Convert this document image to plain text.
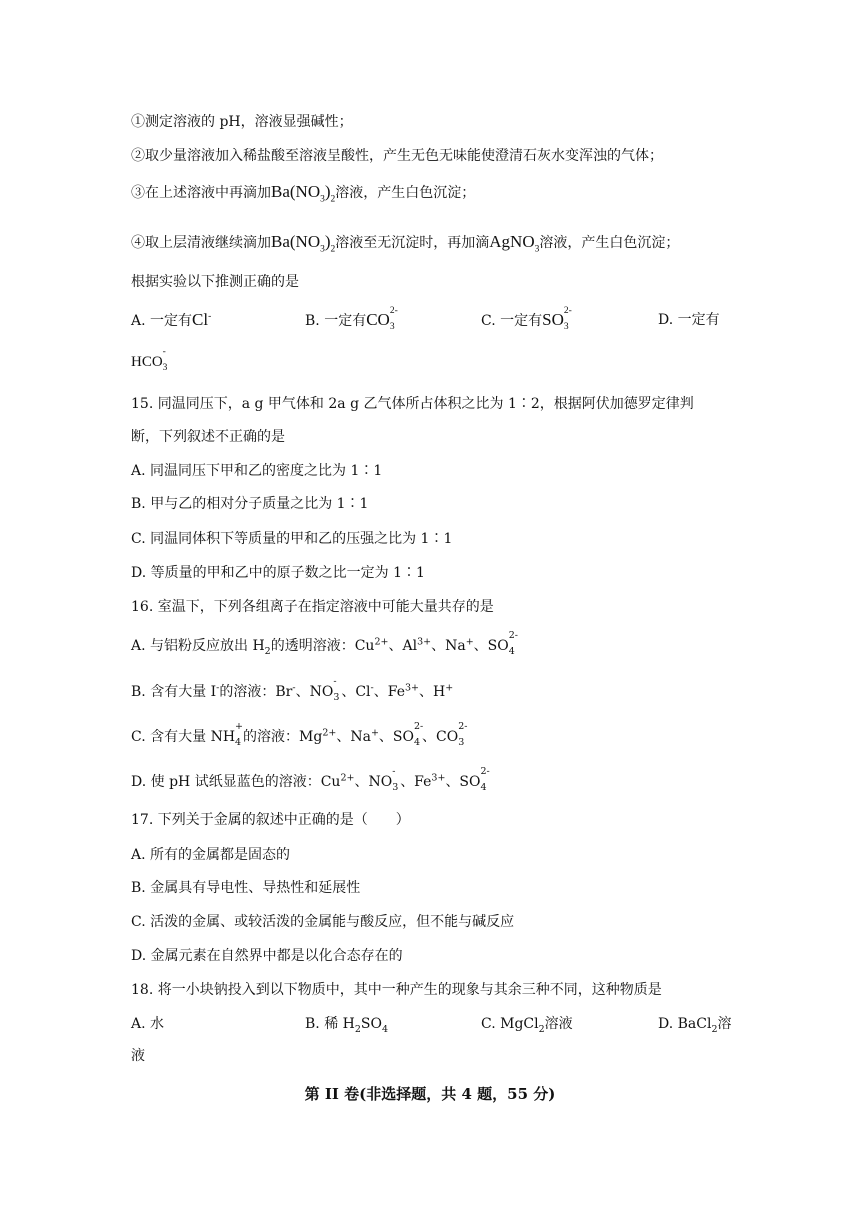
①测定溶液的 pH，溶液显强碱性；
②取少量溶液加入稀盐酸至溶液呈酸性，产生无色无味能使澄清石灰水变浑浊的气体；
③在上述溶液中再滴加$Ba(NO_3)_2$溶液，产生白色沉淀；
④取上层清液继续滴加$Ba(NO_3)_2$溶液至无沉淀时，再加滴AgNO$_3$溶液，产生白色沉淀；
根据实验以下推测正确的是
A. 一定有Cl-	B. 一定有CO 2-
3	C. 一定有SO 2-
3	D. 一定有
HCO
-
3
15. 同温同压下，a g 甲气体和 2a g 乙气体所占体积之比为 1∶2，根据阿伏加德罗定律判
断，下列叙述不正确的是
A. 同温同压下甲和乙的密度之比为 1∶1
B. 甲与乙的相对分子质量之比为 1∶1
C. 同温同体积下等质量的甲和乙的压强之比为 1∶1
D. 等质量的甲和乙中的原子数之比一定为 1∶1
16. 室温下，下列各组离子在指定溶液中可能大量共存的是
A. 与铝粉反应放出 $H_2$的透明溶液：$Cu^{2+}$、$Al^{3+}$、Na+、SO
2-
4
B. 含有大量 I-的溶液：Br-、NO
-
3 、Cl-、$Fe^{3+}$、H+
C. 含有大量 NH
+
4 的溶液：$Mg^{2+}$、Na+、SO
2-
4 、CO
2-
3
D. 使 pH 试纸显蓝色的溶液：$Cu^{2+}$、NO
-
3 、$Fe^{3+}$、SO
2-
4
17. 下列关于金属的叙述中正确的是（　　）
A. 所有的金属都是固态的
B. 金属具有导电性、导热性和延展性
C. 活泼的金属、或较活泼的金属能与酸反应，但不能与碱反应
D. 金属元素在自然界中都是以化合态存在的
18. 将一小块钠投入到以下物质中，其中一种产生的现象与其余三种不同，这种物质是
A. 水	B. 稀 $H_2SO_4$	C. MgCl$_2$溶液	D. BaCl$_2$溶
液
第 II 卷(非选择题，共 4 题，55 分)
